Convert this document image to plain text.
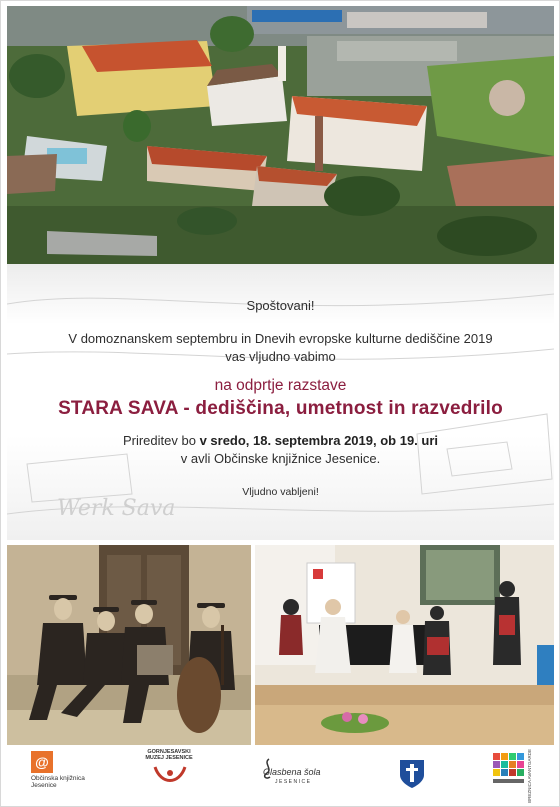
Werk Sava
Spoštovani!
V domoznanskem septembru in Dnevih evropske kulturne dediščine 2019
vas vljudno vabimo
na odprtje razstave
STARA SAVA - dediščina, umetnost in razvedrilo
Prireditev bo v sredo, 18. septembra 2019, ob 19. uri
v avli Občinske knjižnice Jesenice.
Vljudno vabljeni!
@
Občinska knjižnica Jesenice
GORNJESAVSKI MUZEJ JESENICE
Glasbena šola
JESENICE	BREZNICA AVANTGARDE
